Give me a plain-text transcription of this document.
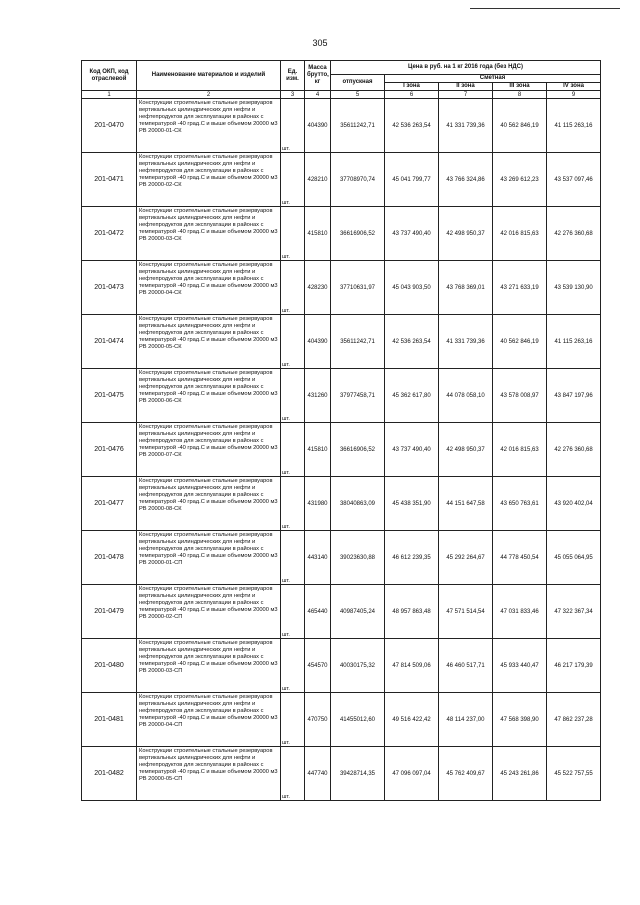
305
Код ОКП, код отраслевой	Наименование материалов и изделий	Ед. изм.	Масса брутто, кг	Цена в руб. на 1 кг 2016 года (без НДС)				
				отпускная	Сметная			
					I зона	II зона	III зона	IV зона
1	2	3	4	5	6	7	8	9
201-0470	Конструкции строительные стальные резервуаров вертикальных цилиндрических для нефти и нефтепродуктов для эксплуатации в районах с температурой -40 град.С и выше объемом 20000 м3 РВ 20000-01-СК	шт.	404390	35611242,71	42 536 263,54	41 331 739,36	40 562 846,19	41 115 263,16
201-0471	Конструкции строительные стальные резервуаров вертикальных цилиндрических для нефти и нефтепродуктов для эксплуатации в районах с температурой -40 град.С и выше объемом 20000 м3 РВ 20000-02-СК	шт.	428210	37708970,74	45 041 799,77	43 766 324,86	43 269 612,23	43 537 097,46
201-0472	Конструкции строительные стальные резервуаров вертикальных цилиндрических для нефти и нефтепродуктов для эксплуатации в районах с температурой -40 град.С и выше объемом 20000 м3 РВ 20000-03-СК	шт.	415810	36616906,52	43 737 490,40	42 498 950,37	42 016 815,63	42 276 360,68
201-0473	Конструкции строительные стальные резервуаров вертикальных цилиндрических для нефти и нефтепродуктов для эксплуатации в районах с температурой -40 град.С и выше объемом 20000 м3 РВ 20000-04-СК	шт.	428230	37710631,97	45 043 903,50	43 768 369,01	43 271 633,19	43 539 130,90
201-0474	Конструкции строительные стальные резервуаров вертикальных цилиндрических для нефти и нефтепродуктов для эксплуатации в районах с температурой -40 град.С и выше объемом 20000 м3 РВ 20000-05-СК	шт.	404390	35611242,71	42 536 263,54	41 331 739,36	40 562 846,19	41 115 263,16
201-0475	Конструкции строительные стальные резервуаров вертикальных цилиндрических для нефти и нефтепродуктов для эксплуатации в районах с температурой -40 град.С и выше объемом 20000 м3 РВ 20000-06-СК	шт.	431260	37977458,71	45 362 617,80	44 078 058,10	43 578 008,97	43 847 197,96
201-0476	Конструкции строительные стальные резервуаров вертикальных цилиндрических для нефти и нефтепродуктов для эксплуатации в районах с температурой -40 град.С и выше объемом 20000 м3 РВ 20000-07-СК	шт.	415810	36616906,52	43 737 490,40	42 498 950,37	42 016 815,63	42 276 360,68
201-0477	Конструкции строительные стальные резервуаров вертикальных цилиндрических для нефти и нефтепродуктов для эксплуатации в районах с температурой -40 град.С и выше объемом 20000 м3 РВ 20000-08-СК	шт.	431980	38040863,09	45 438 351,90	44 151 647,58	43 650 763,61	43 920 402,04
201-0478	Конструкции строительные стальные резервуаров вертикальных цилиндрических для нефти и нефтепродуктов для эксплуатации в районах с температурой -40 град.С и выше объемом 20000 м3 РВ 20000-01-СП	шт.	443140	39023630,88	46 612 239,35	45 292 264,67	44 778 450,54	45 055 064,95
201-0479	Конструкции строительные стальные резервуаров вертикальных цилиндрических для нефти и нефтепродуктов для эксплуатации в районах с температурой -40 град.С и выше объемом 20000 м3 РВ 20000-02-СП	шт.	465440	40987405,24	48 957 863,48	47 571 514,54	47 031 833,46	47 322 367,34
201-0480	Конструкции строительные стальные резервуаров вертикальных цилиндрических для нефти и нефтепродуктов для эксплуатации в районах с температурой -40 град.С и выше объемом 20000 м3 РВ 20000-03-СП	шт.	454570	40030175,32	47 814 509,06	46 460 517,71	45 933 440,47	46 217 179,39
201-0481	Конструкции строительные стальные резервуаров вертикальных цилиндрических для нефти и нефтепродуктов для эксплуатации в районах с температурой -40 град.С и выше объемом 20000 м3 РВ 20000-04-СП	шт.	470750	41455012,60	49 516 422,42	48 114 237,00	47 568 398,90	47 862 237,28
201-0482	Конструкции строительные стальные резервуаров вертикальных цилиндрических для нефти и нефтепродуктов для эксплуатации в районах с температурой -40 град.С и выше объемом 20000 м3 РВ 20000-05-СП	шт.	447740	39428714,35	47 096 097,04	45 762 409,67	45 243 261,86	45 522 757,55
